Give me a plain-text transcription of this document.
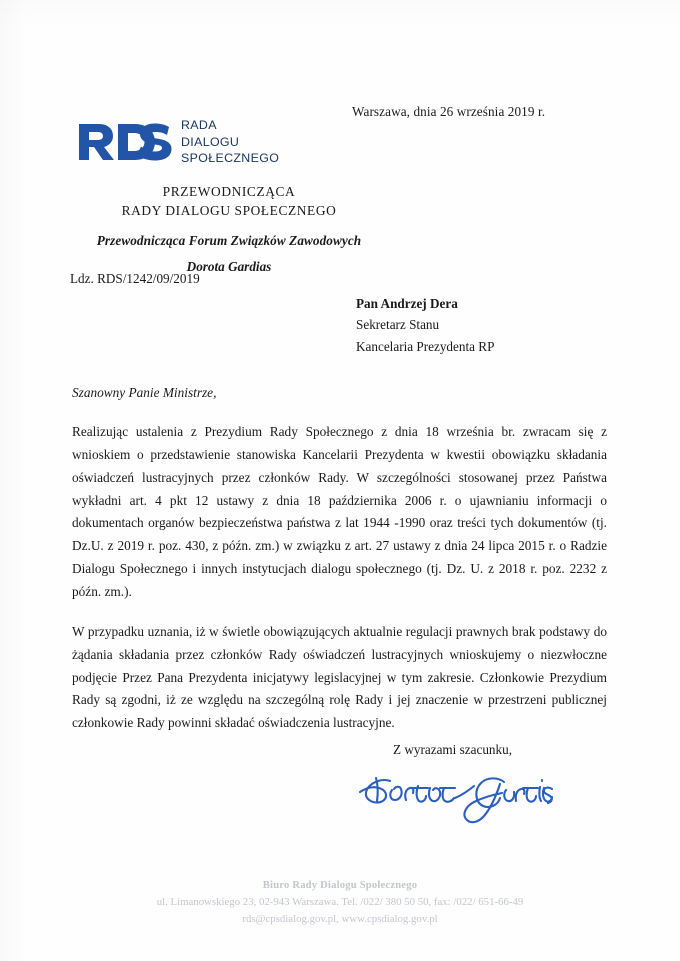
Warszawa, dnia 26 września 2019 r.
RADA
DIALOGU
SPOŁECZNEGO
PRZEWODNICZĄCA
RADY DIALOGU SPOŁECZNEGO
Przewodnicząca Forum Związków Zawodowych
Dorota Gardias
Ldz. RDS/1242/09/2019
Pan Andrzej Dera
Sekretarz Stanu
Kancelaria Prezydenta RP
Szanowny Panie Ministrze,

Realizując ustalenia z Prezydium Rady Społecznego z dnia 18 września br. zwracam się z wnioskiem o przedstawienie stanowiska Kancelarii Prezydenta w kwestii obowiązku składania oświadczeń lustracyjnych przez członków Rady. W szczególności stosowanej przez Państwa wykładni art. 4 pkt 12 ustawy z dnia 18 października 2006 r. o ujawnianiu informacji o dokumentach organów bezpieczeństwa państwa z lat 1944 -1990 oraz treści tych dokumentów (tj. Dz.U. z 2019 r. poz. 430, z późn. zm.) w związku z art. 27 ustawy z dnia 24 lipca 2015 r. o Radzie Dialogu Społecznego i innych instytucjach dialogu społecznego (tj. Dz. U. z 2018 r. poz. 2232 z późn. zm.).

W przypadku uznania, iż w świetle obowiązujących aktualnie regulacji prawnych brak podstawy do żądania składania przez członków Rady oświadczeń lustracyjnych wnioskujemy o niezwłoczne podjęcie Przez Pana Prezydenta inicjatywy legislacyjnej w tym zakresie. Członkowie Prezydium Rady są zgodni, iż ze względu na szczególną rolę Rady i jej znaczenie w przestrzeni publicznej członkowie Rady powinni składać oświadczenia lustracyjne.

Z wyrazami szacunku,
Biuro Rady Dialogu Społecznego
ul. Limanowskiego 23, 02-943 Warszawa. Tel. /022/ 380 50 50, fax: /022/ 651-66-49
rds@cpsdialog.gov.pl, www.cpsdialog.gov.pl
